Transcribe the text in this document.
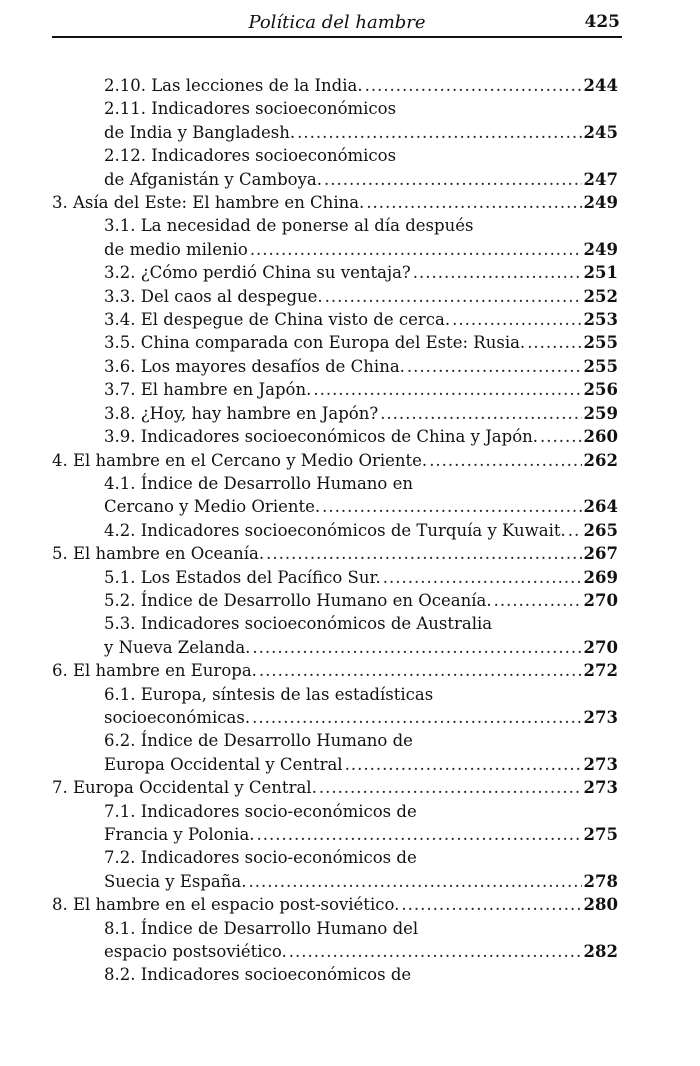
Política del hambre	425
2.10. Las lecciones de la India. .....	244
2.11. Indicadores socioeconómicos
de India y Bangladesh. .....	245
2.12. Indicadores socioeconómicos
de Afganistán y Camboya. .....	247
3. Asía del Este: El hambre en China. .....	249
3.1. La necesidad de ponerse al día después
de medio milenio .....	249
3.2. ¿Cómo perdió China su ventaja? .....	251
3.3. Del caos al despegue. .....	252
3.4. El despegue de China visto de cerca. .....	253
3.5. China comparada con Europa del Este: Rusia. .....	255
3.6. Los mayores desafíos de China. .....	255
3.7. El hambre en Japón. .....	256
3.8. ¿Hoy, hay hambre en Japón? .....	259
3.9. Indicadores socioeconómicos de China y Japón. .....	260
4. El hambre en el Cercano y Medio Oriente. .....	262
4.1. Índice de Desarrollo Humano en
Cercano y Medio Oriente. .....	264
4.2. Indicadores socioeconómicos de Turquía y Kuwait. ..... 265
5. El hambre en Oceanía. .....	267
5.1. Los Estados del Pacífico Sur. .....	269
5.2. Índice de Desarrollo Humano en Oceanía. .....	270
5.3. Indicadores socioeconómicos de Australia
y Nueva Zelanda. .....	270
6. El hambre en Europa. .....	272
6.1. Europa, síntesis de las estadísticas
socioeconómicas. .....	273
6.2. Índice de Desarrollo Humano de
Europa Occidental y Central .....	273
7. Europa Occidental y Central. .....	273
7.1. Indicadores socio-económicos de
Francia y Polonia. .....	275
7.2. Indicadores socio-económicos de
Suecia y España. .....	278
8. El hambre en el espacio post-soviético. .....	280
8.1. Índice de Desarrollo Humano del
espacio postsoviético. .....	282
8.2. Indicadores socioeconómicos de
